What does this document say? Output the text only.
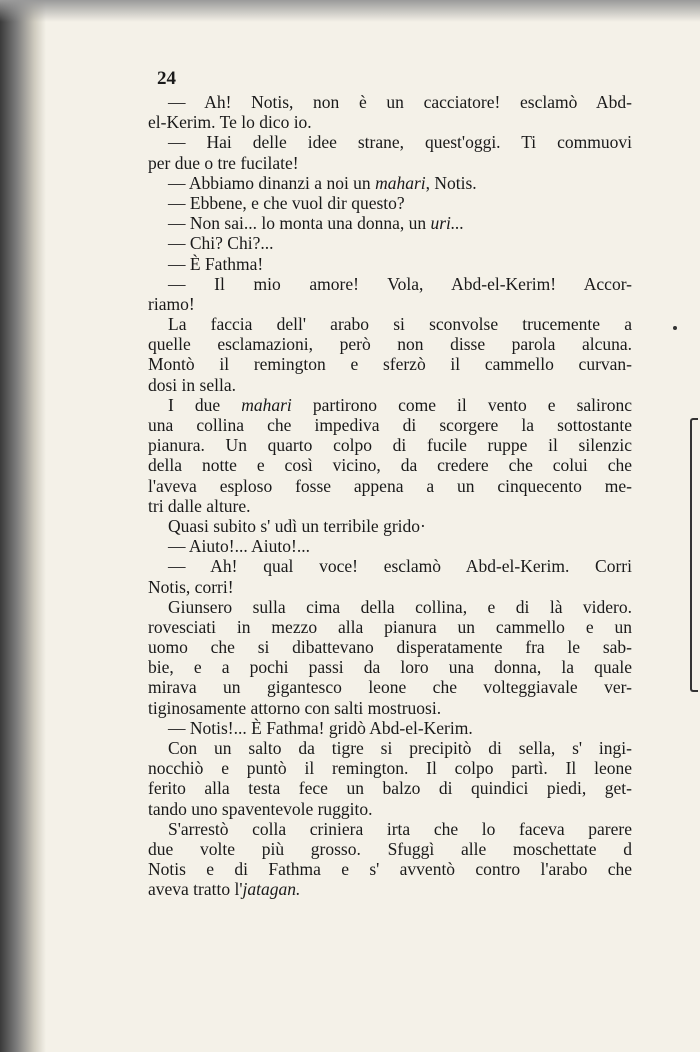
24
— Ah! Notis, non è un cacciatore! esclamò Abd-
el-Kerim. Te lo dico io.
— Hai delle idee strane, quest'oggi. Ti commuovi
per due o tre fucilate!
— Abbiamo dinanzi a noi un mahari, Notis.
— Ebbene, e che vuol dir questo?
— Non sai... lo monta una donna, un uri...
— Chi? Chi?...
— È Fathma!
— Il mio amore! Vola, Abd-el-Kerim! Accor-
riamo!
La faccia dell' arabo si sconvolse trucemente a
quelle esclamazioni, però non disse parola alcuna.
Montò il remington e sferzò il cammello curvan-
dosi in sella.
I due mahari partirono come il vento e salironc
una collina che impediva di scorgere la sottostante
pianura. Un quarto colpo di fucile ruppe il silenzic
della notte e così vicino, da credere che colui che
l'aveva esploso fosse appena a un cinquecento me-
tri dalle alture.
Quasi subito s' udì un terribile grido·
— Aiuto!... Aiuto!...
— Ah! qual voce! esclamò Abd-el-Kerim. Corri
Notis, corri!
Giunsero sulla cima della collina, e di là videro.
rovesciati in mezzo alla pianura un cammello e un
uomo che si dibattevano disperatamente fra le sab-
bie, e a pochi passi da loro una donna, la quale
mirava un gigantesco leone che volteggiavale ver-
tiginosamente attorno con salti mostruosi.
— Notis!... È Fathma! gridò Abd-el-Kerim.
Con un salto da tigre si precipitò di sella, s' ingi-
nocchiò e puntò il remington. Il colpo partì. Il leone
ferito alla testa fece un balzo di quindici piedi, get-
tando uno spaventevole ruggito.
S'arrestò colla criniera irta che lo faceva parere
due volte più grosso. Sfuggì alle moschettate d
Notis e di Fathma e s' avventò contro l'arabo che
aveva tratto l'jatagan.
